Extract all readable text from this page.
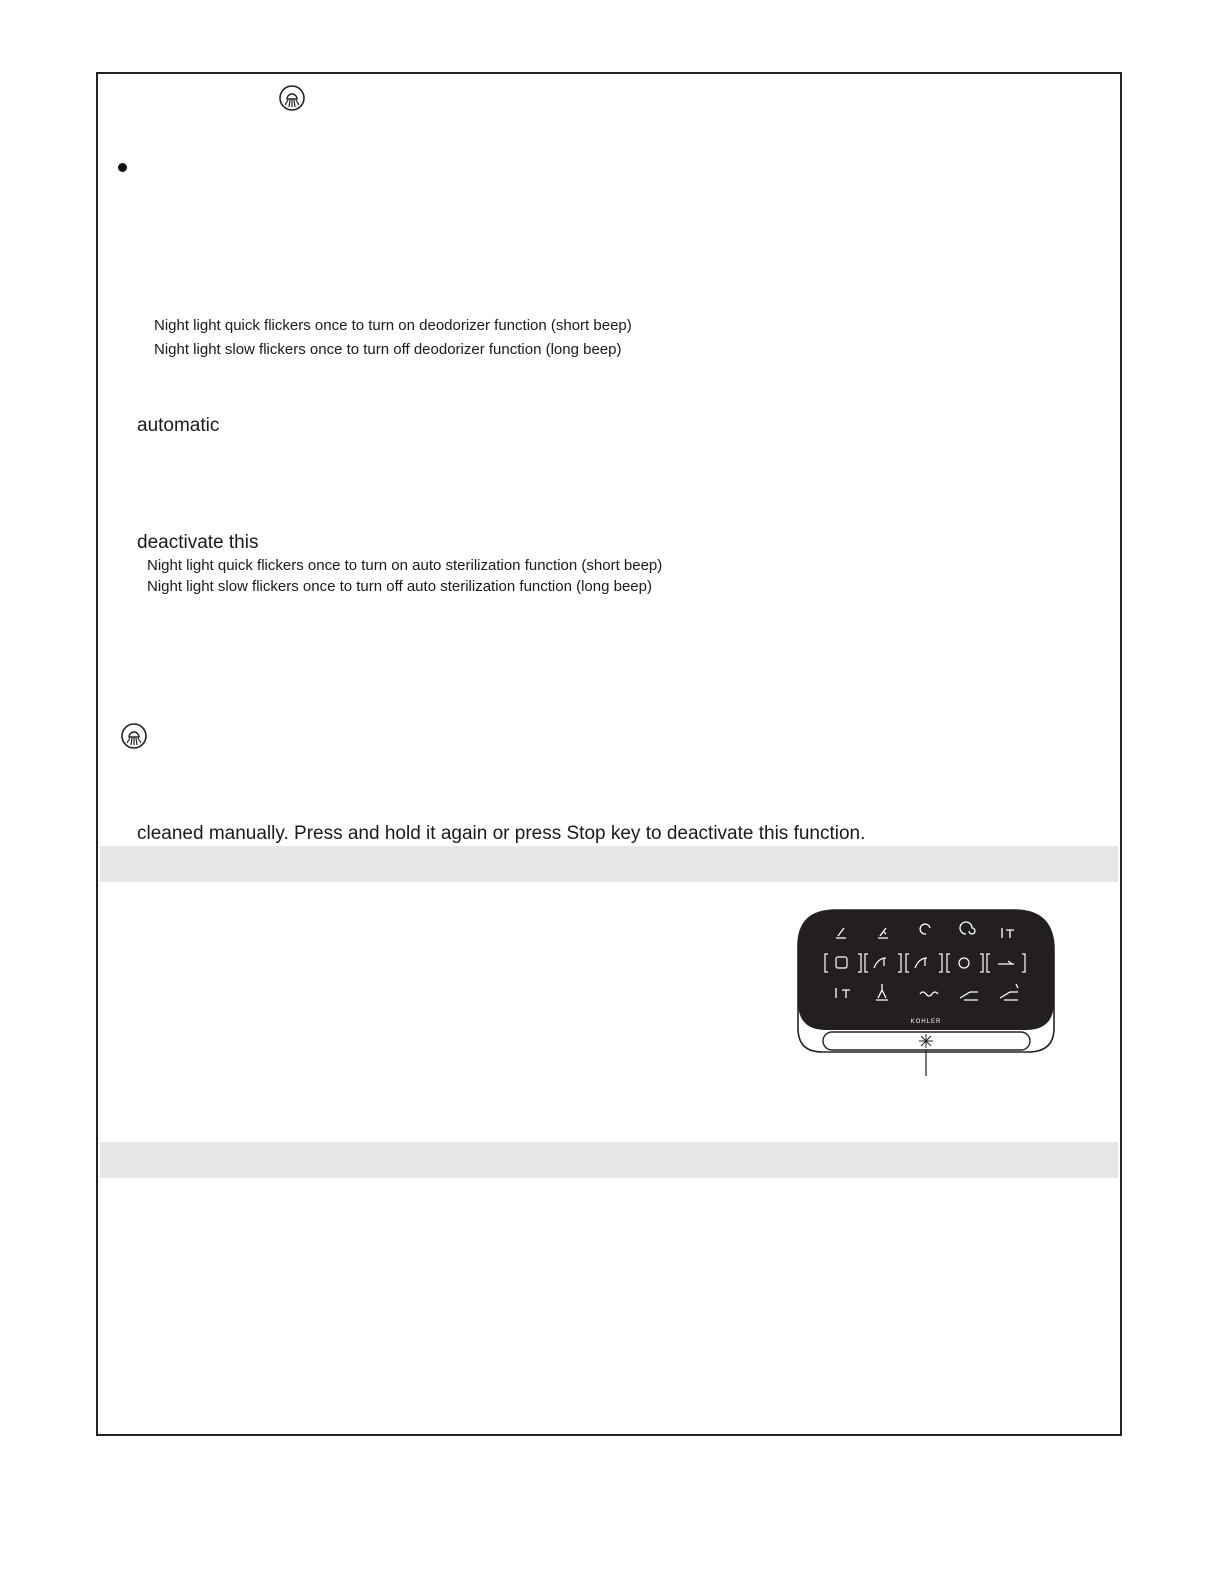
Night light quick flickers once to turn on deodorizer function (short beep)
Night light slow flickers once to turn off deodorizer function (long beep)
automatic
deactivate this
Night light quick flickers once to turn on auto sterilization function (short beep)
Night light slow flickers once to turn off auto sterilization function (long beep)
cleaned manually. Press and hold it again or press Stop key to deactivate this function.
KOHLER
